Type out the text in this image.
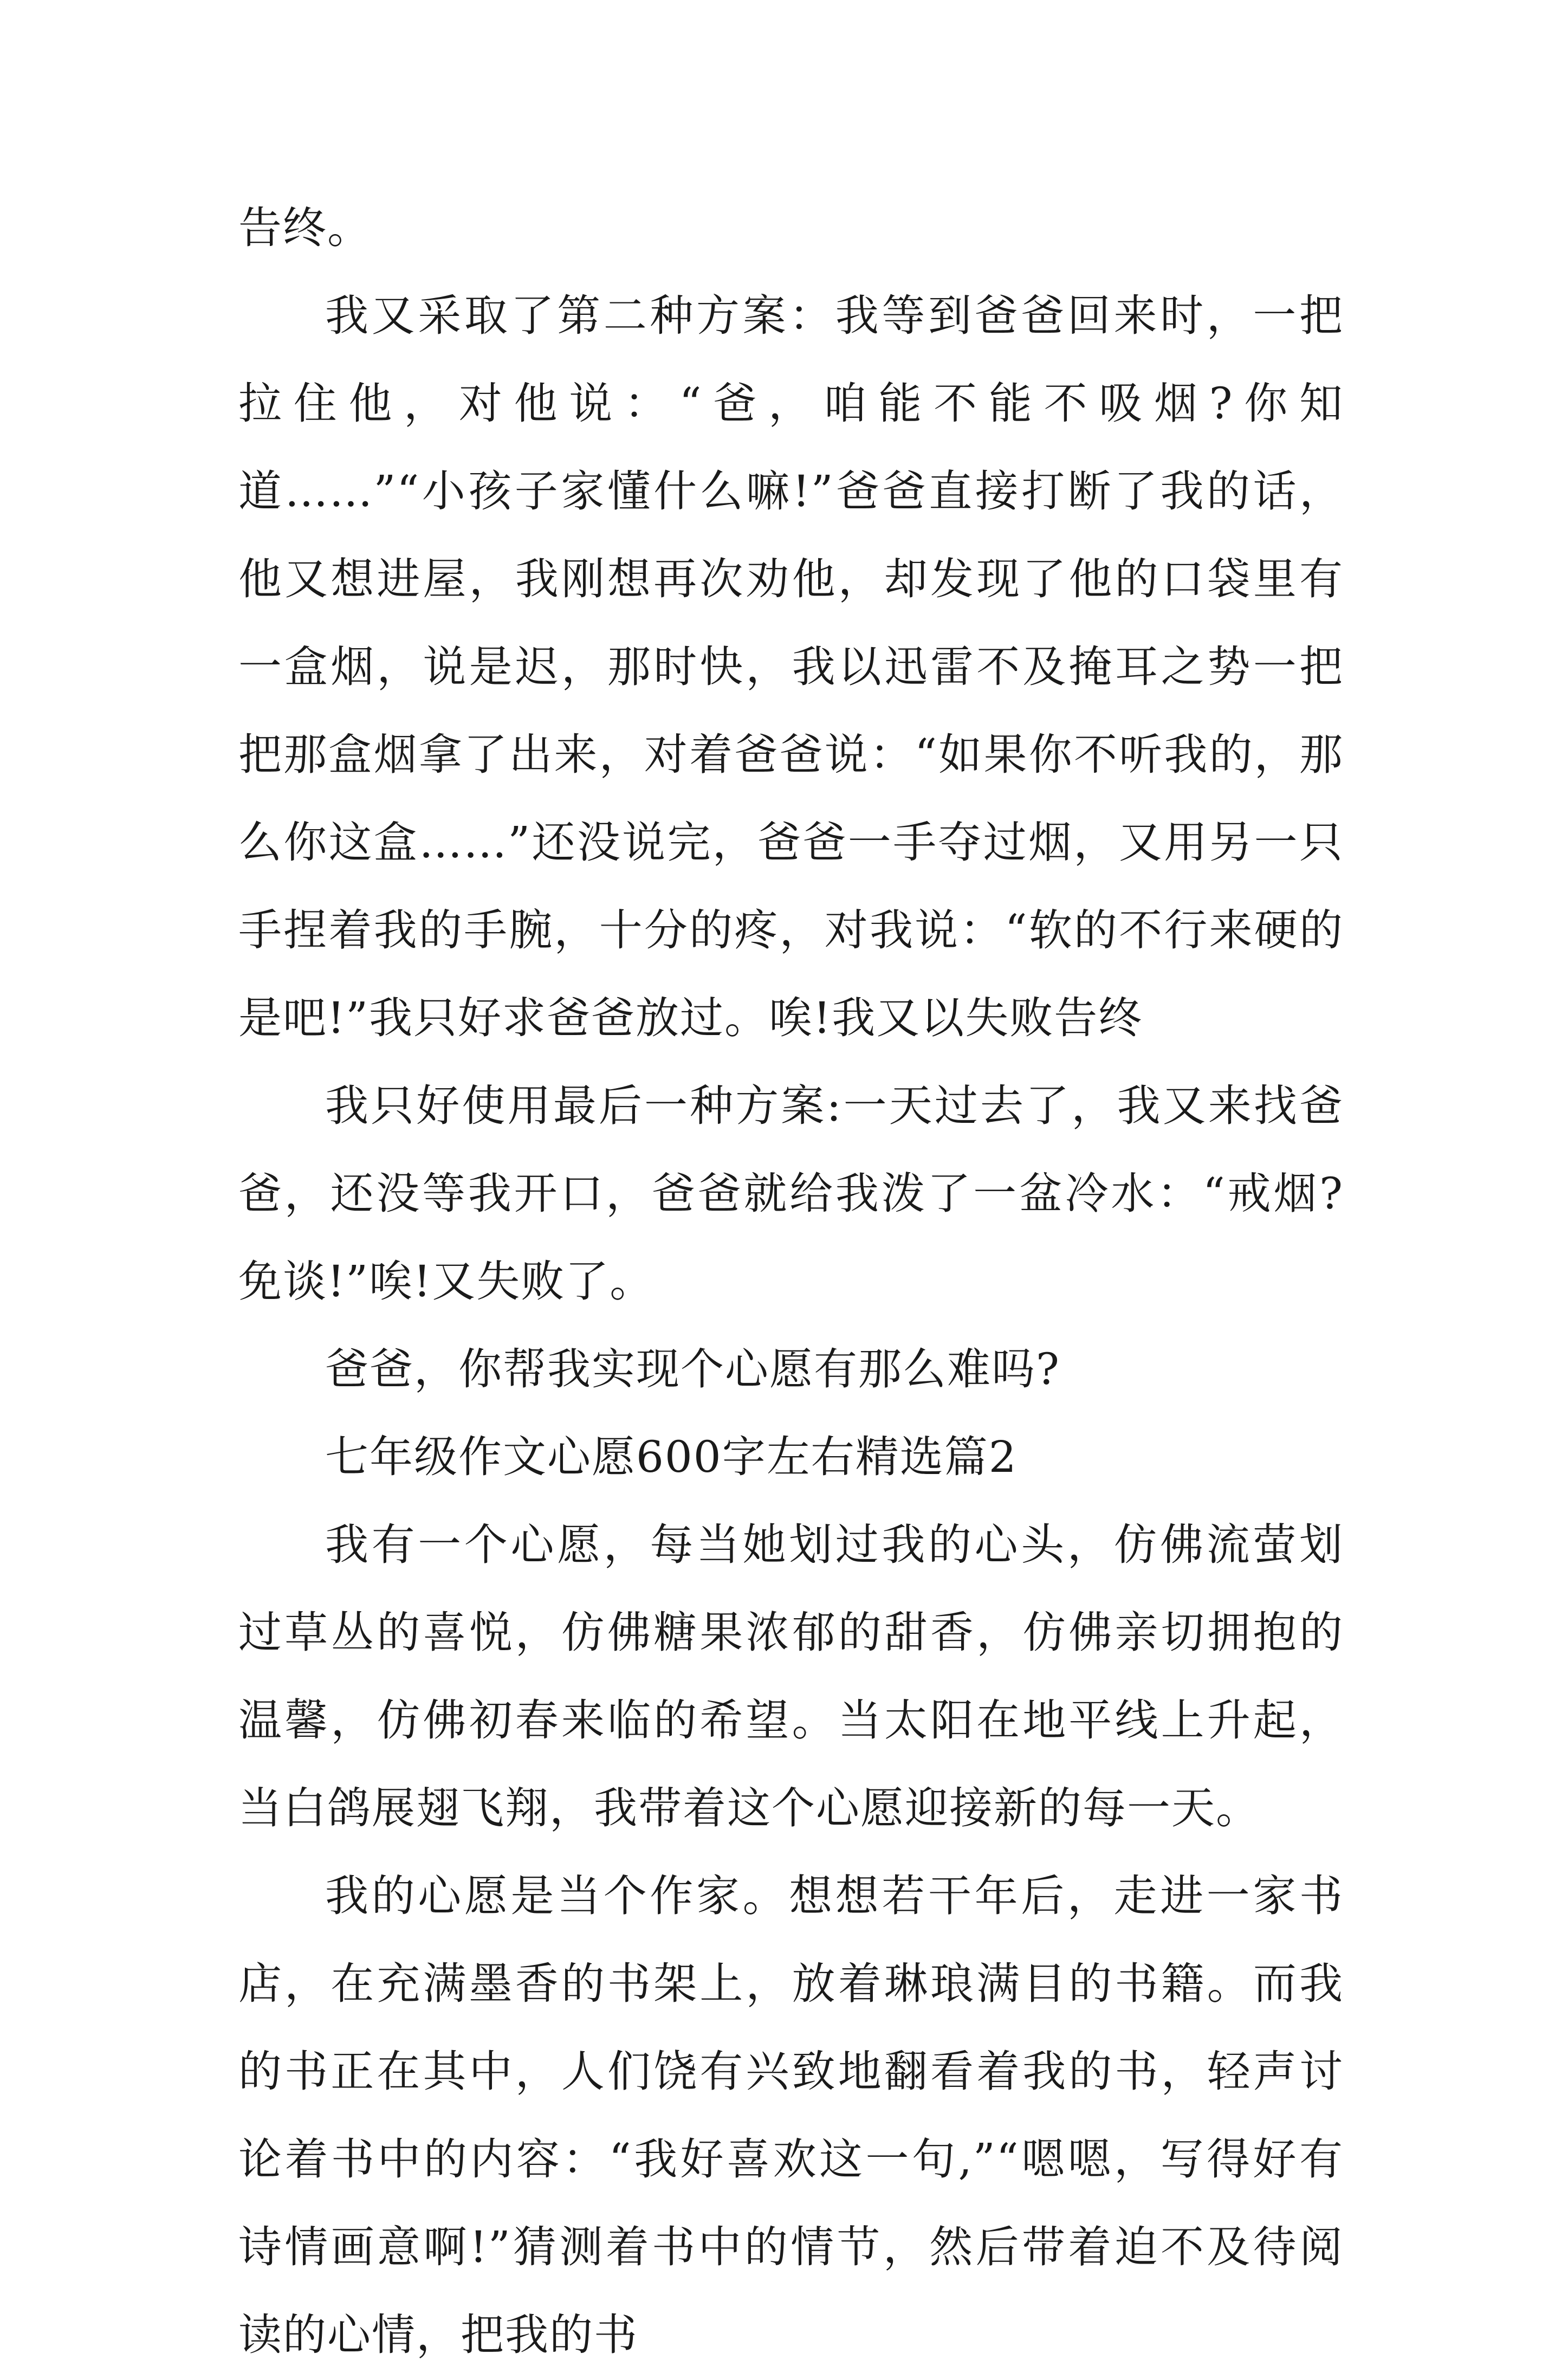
告终。

我又采取了第二种方案：我等到爸爸回来时，一把拉住他，对他说：“爸，咱能不能不吸烟?你知道……”“小孩子家懂什么嘛!”爸爸直接打断了我的话，他又想进屋，我刚想再次劝他，却发现了他的口袋里有一盒烟，说是迟，那时快，我以迅雷不及掩耳之势一把把那盒烟拿了出来，对着爸爸说：“如果你不听我的，那么你这盒……”还没说完，爸爸一手夺过烟，又用另一只手捏着我的手腕，十分的疼，对我说：“软的不行来硬的是吧!”我只好求爸爸放过。唉!我又以失败告终

我只好使用最后一种方案:一天过去了，我又来找爸爸，还没等我开口，爸爸就给我泼了一盆冷水：“戒烟?免谈!”唉!又失败了。

爸爸，你帮我实现个心愿有那么难吗?

七年级作文心愿600字左右精选篇2

我有一个心愿，每当她划过我的心头，仿佛流萤划过草丛的喜悦，仿佛糖果浓郁的甜香，仿佛亲切拥抱的温馨，仿佛初春来临的希望。当太阳在地平线上升起，当白鸽展翅飞翔，我带着这个心愿迎接新的每一天。

我的心愿是当个作家。想想若干年后，走进一家书店，在充满墨香的书架上，放着琳琅满目的书籍。而我的书正在其中，人们饶有兴致地翻看着我的书，轻声讨论着书中的内容：“我好喜欢这一句,”“嗯嗯，写得好有诗情画意啊!”猜测着书中的情节，然后带着迫不及待阅读的心情，把我的书
